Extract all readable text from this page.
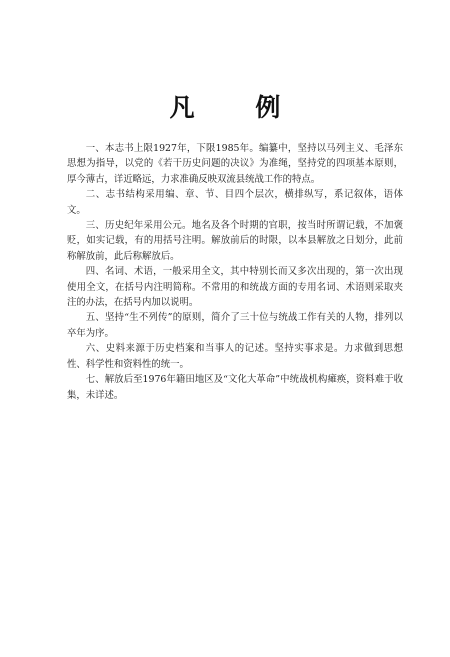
凡 例

一、本志书上限1927年，下限1985年。编纂中，坚持以马列主义、毛泽东思想为指导，以党的《若干历史问题的决议》为准绳，坚持党的四项基本原则，厚今薄古，详近略远，力求准确反映双流县统战工作的特点。

二、志书结构采用编、章、节、目四个层次，横排纵写，系记叙体，语体文。

三、历史纪年采用公元。地名及各个时期的官职，按当时所谓记载，不加褒贬，如实记载，有的用括号注明。解放前后的时限，以本县解放之日划分，此前称解放前，此后称解放后。

四、名词、术语，一般采用全文，其中特别长而又多次出现的，第一次出现使用全文，在括号内注明简称。不常用的和统战方面的专用名词、术语则采取夹注的办法，在括号内加以说明。

五、坚持“生不列传”的原则，简介了三十位与统战工作有关的人物，排列以卒年为序。

六、史料来源于历史档案和当事人的记述。坚持实事求是。力求做到思想性、科学性和资料性的统一。

七、解放后至1976年籍田地区及“文化大革命”中统战机构瘫痪，资料难于收集，未详述。
